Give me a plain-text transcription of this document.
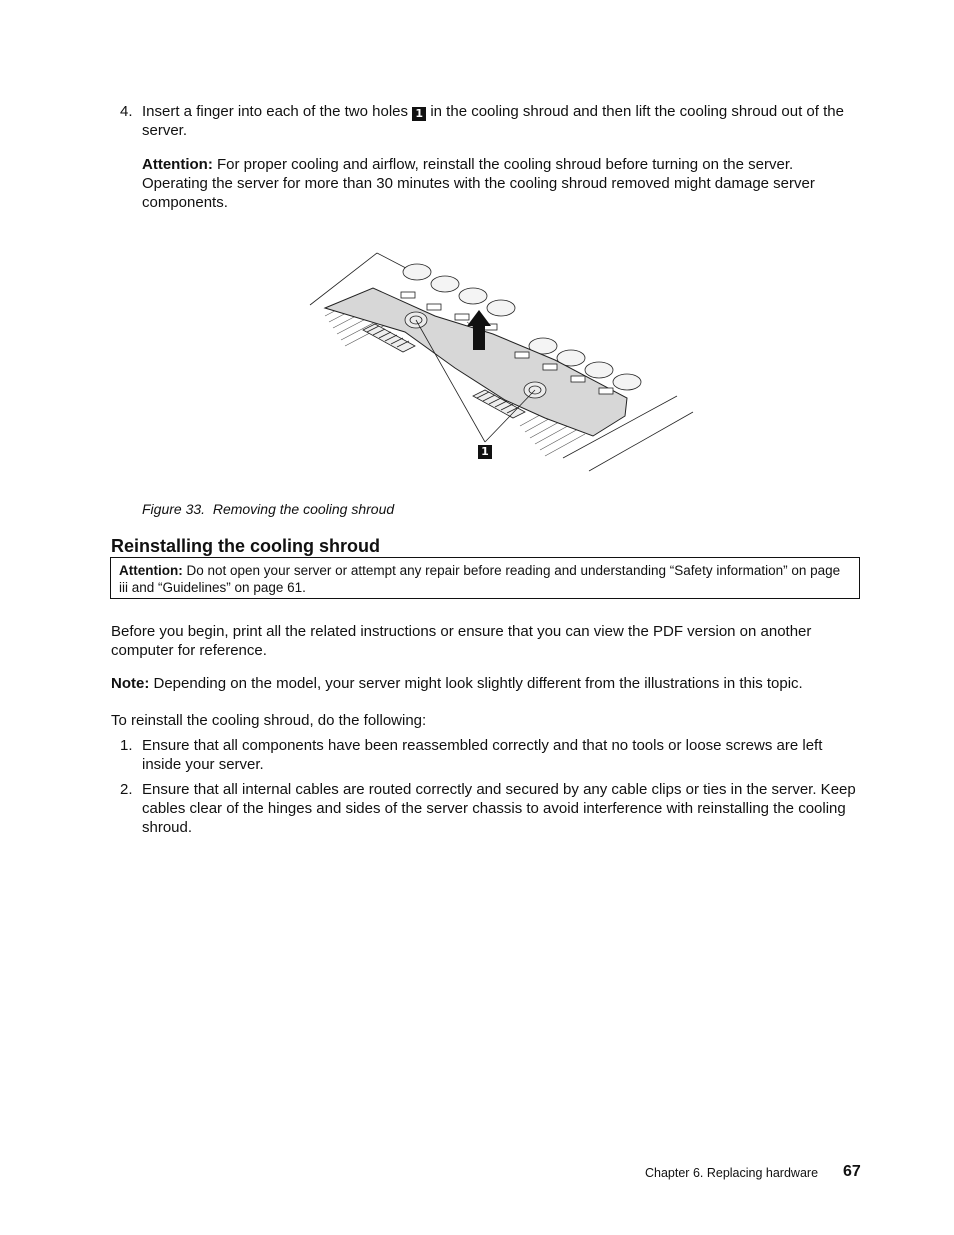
4. Insert a finger into each of the two holes 1 in the cooling shroud and then lift the cooling shroud out of the server.

Attention: For proper cooling and airflow, reinstall the cooling shroud before turning on the server. Operating the server for more than 30 minutes with the cooling shroud removed might damage server components.

1

Figure 33. Removing the cooling shroud

Reinstalling the cooling shroud
Attention: Do not open your server or attempt any repair before reading and understanding “Safety information” on page iii and “Guidelines” on page 61.

Before you begin, print all the related instructions or ensure that you can view the PDF version on another computer for reference.

Note: Depending on the model, your server might look slightly different from the illustrations in this topic.

To reinstall the cooling shroud, do the following:

1. Ensure that all components have been reassembled correctly and that no tools or loose screws are left inside your server.

2. Ensure that all internal cables are routed correctly and secured by any cable clips or ties in the server. Keep cables clear of the hinges and sides of the server chassis to avoid interference with reinstalling the cooling shroud.

Chapter 6. Replacing hardware 67
